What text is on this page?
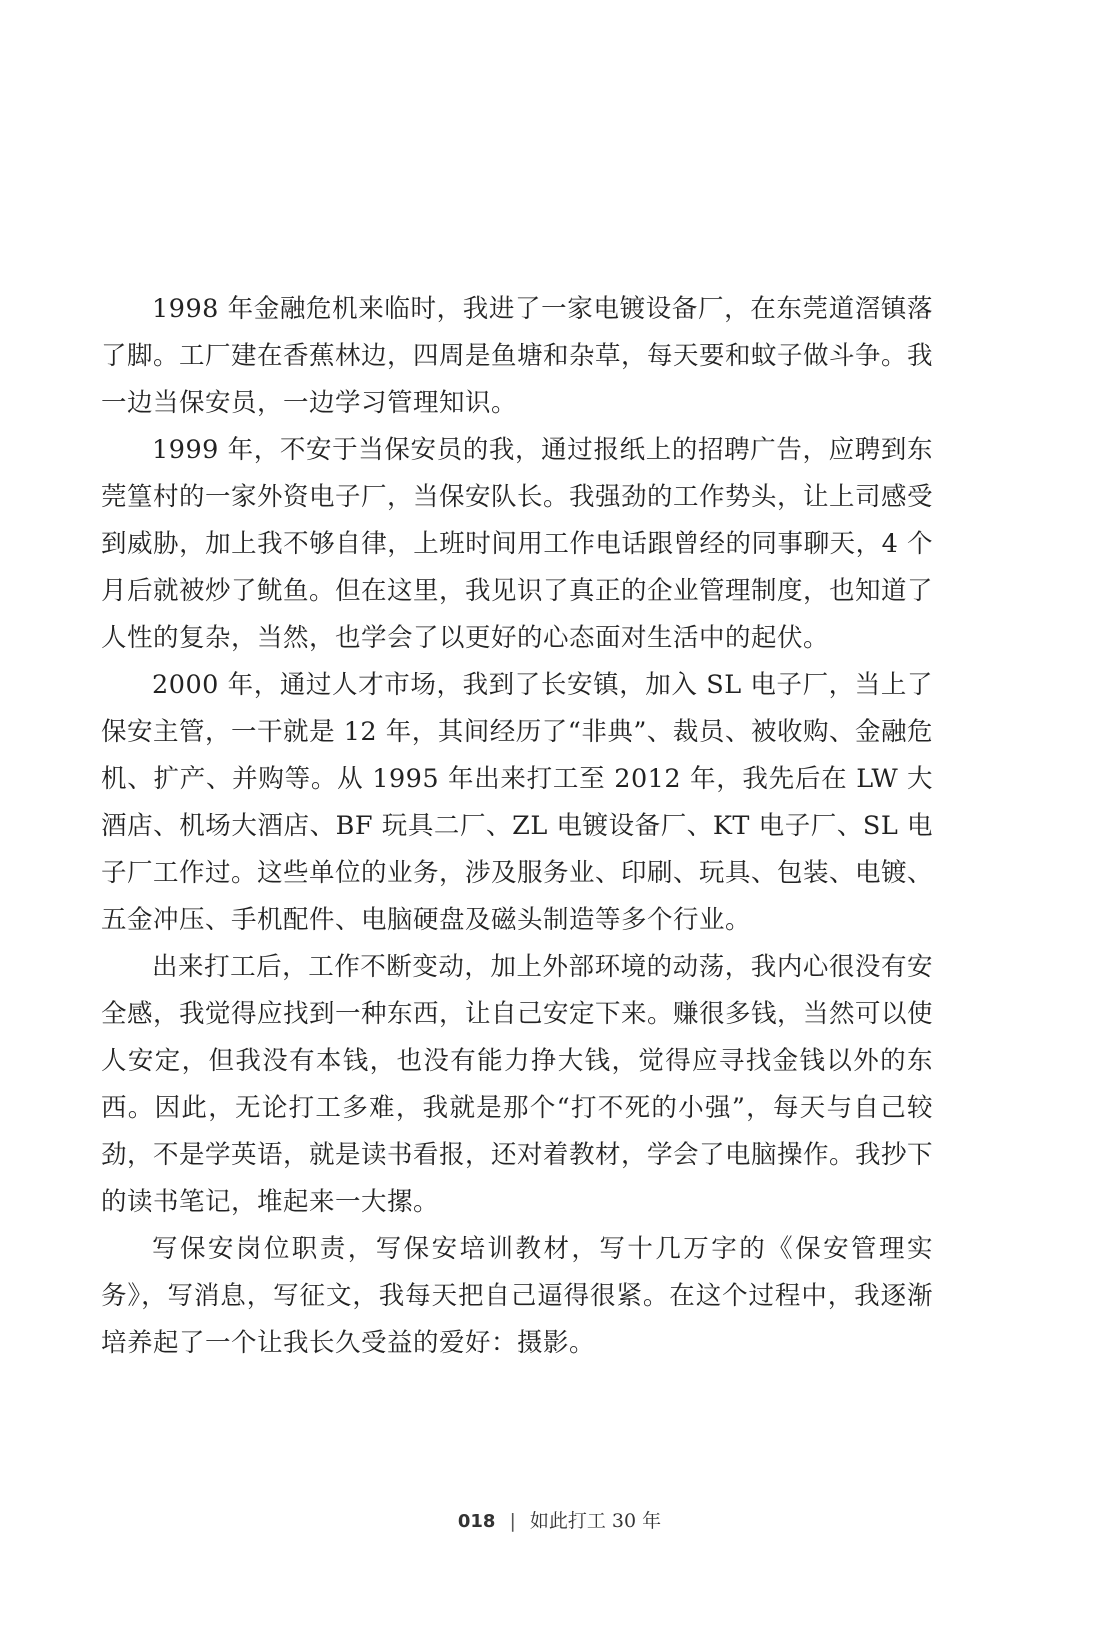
1998 年金融危机来临时，我进了一家电镀设备厂，在东莞道滘镇落了脚。工厂建在香蕉林边，四周是鱼塘和杂草，每天要和蚊子做斗争。我一边当保安员，一边学习管理知识。

1999 年，不安于当保安员的我，通过报纸上的招聘广告，应聘到东莞篁村的一家外资电子厂，当保安队长。我强劲的工作势头，让上司感受到威胁，加上我不够自律，上班时间用工作电话跟曾经的同事聊天，4 个月后就被炒了鱿鱼。但在这里，我见识了真正的企业管理制度，也知道了人性的复杂，当然，也学会了以更好的心态面对生活中的起伏。

2000 年，通过人才市场，我到了长安镇，加入 SL 电子厂，当上了保安主管，一干就是 12 年，其间经历了“非典”、裁员、被收购、金融危机、扩产、并购等。从 1995 年出来打工至 2012 年，我先后在 LW 大酒店、机场大酒店、BF 玩具二厂、ZL 电镀设备厂、KT 电子厂、SL 电子厂工作过。这些单位的业务，涉及服务业、印刷、玩具、包装、电镀、五金冲压、手机配件、电脑硬盘及磁头制造等多个行业。

出来打工后，工作不断变动，加上外部环境的动荡，我内心很没有安全感，我觉得应找到一种东西，让自己安定下来。赚很多钱，当然可以使人安定，但我没有本钱，也没有能力挣大钱，觉得应寻找金钱以外的东西。因此，无论打工多难，我就是那个“打不死的小强”，每天与自己较劲，不是学英语，就是读书看报，还对着教材，学会了电脑操作。我抄下的读书笔记，堆起来一大摞。

写保安岗位职责，写保安培训教材，写十几万字的《保安管理实务》，写消息，写征文，我每天把自己逼得很紧。在这个过程中，我逐渐培养起了一个让我长久受益的爱好：摄影。

018 | 如此打工 30 年
